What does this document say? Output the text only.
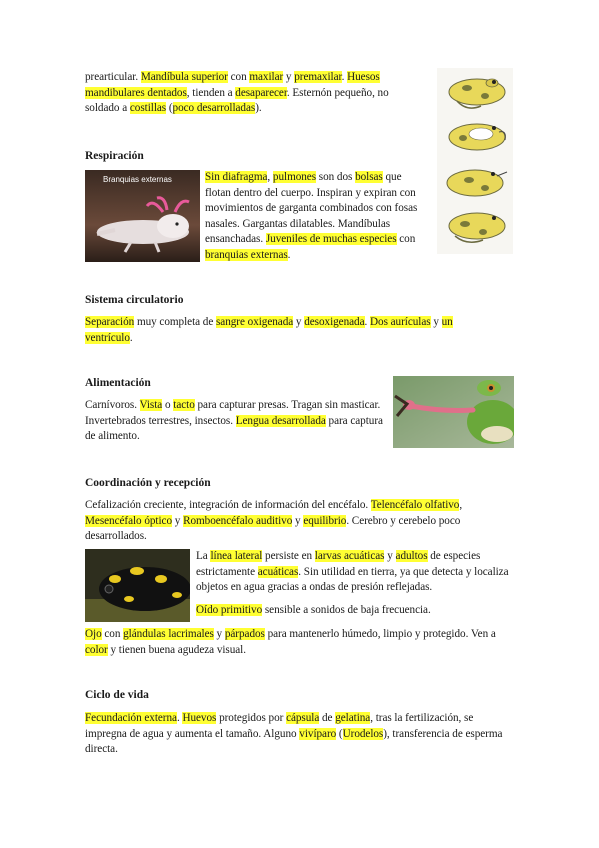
prearticular. Mandíbula superior con maxilar y premaxilar. Huesos mandibulares dentados, tienden a desaparecer. Esternón pequeño, no soldado a costillas (poco desarrolladas).
Respiración
Branquias externas	Sin diafragma, pulmones son dos bolsas que flotan dentro del cuerpo. Inspiran y expiran con movimientos de garganta combinados con fosas nasales. Gargantas dilatables. Mandíbulas ensanchadas. Juveniles de muchas especies con branquias externas.
Sistema circulatorio
Separación muy completa de sangre oxigenada y desoxigenada. Dos aurículas y un ventrículo.
Alimentación
Carnívoros. Vista o tacto para capturar presas. Tragan sin masticar. Invertebrados terrestres, insectos. Lengua desarrollada para captura de alimento.
Coordinación y recepción
Cefalización creciente, integración de información del encéfalo. Telencéfalo olfativo, Mesencéfalo óptico y Romboencéfalo auditivo y equilibrio. Cerebro y cerebelo poco desarrollados.
La línea lateral persiste en larvas acuáticas y adultos de especies estrictamente acuáticas. Sin utilidad en tierra, ya que detecta y localiza objetos en agua gracias a ondas de presión reflejadas.
Oído primitivo sensible a sonidos de baja frecuencia.
Ojo con glándulas lacrimales y párpados para mantenerlo húmedo, limpio y protegido. Ven a color y tienen buena agudeza visual.
Ciclo de vida
Fecundación externa. Huevos protegidos por cápsula de gelatina, tras la fertilización, se impregna de agua y aumenta el tamaño. Alguno vivíparo (Urodelos), transferencia de esperma directa.
